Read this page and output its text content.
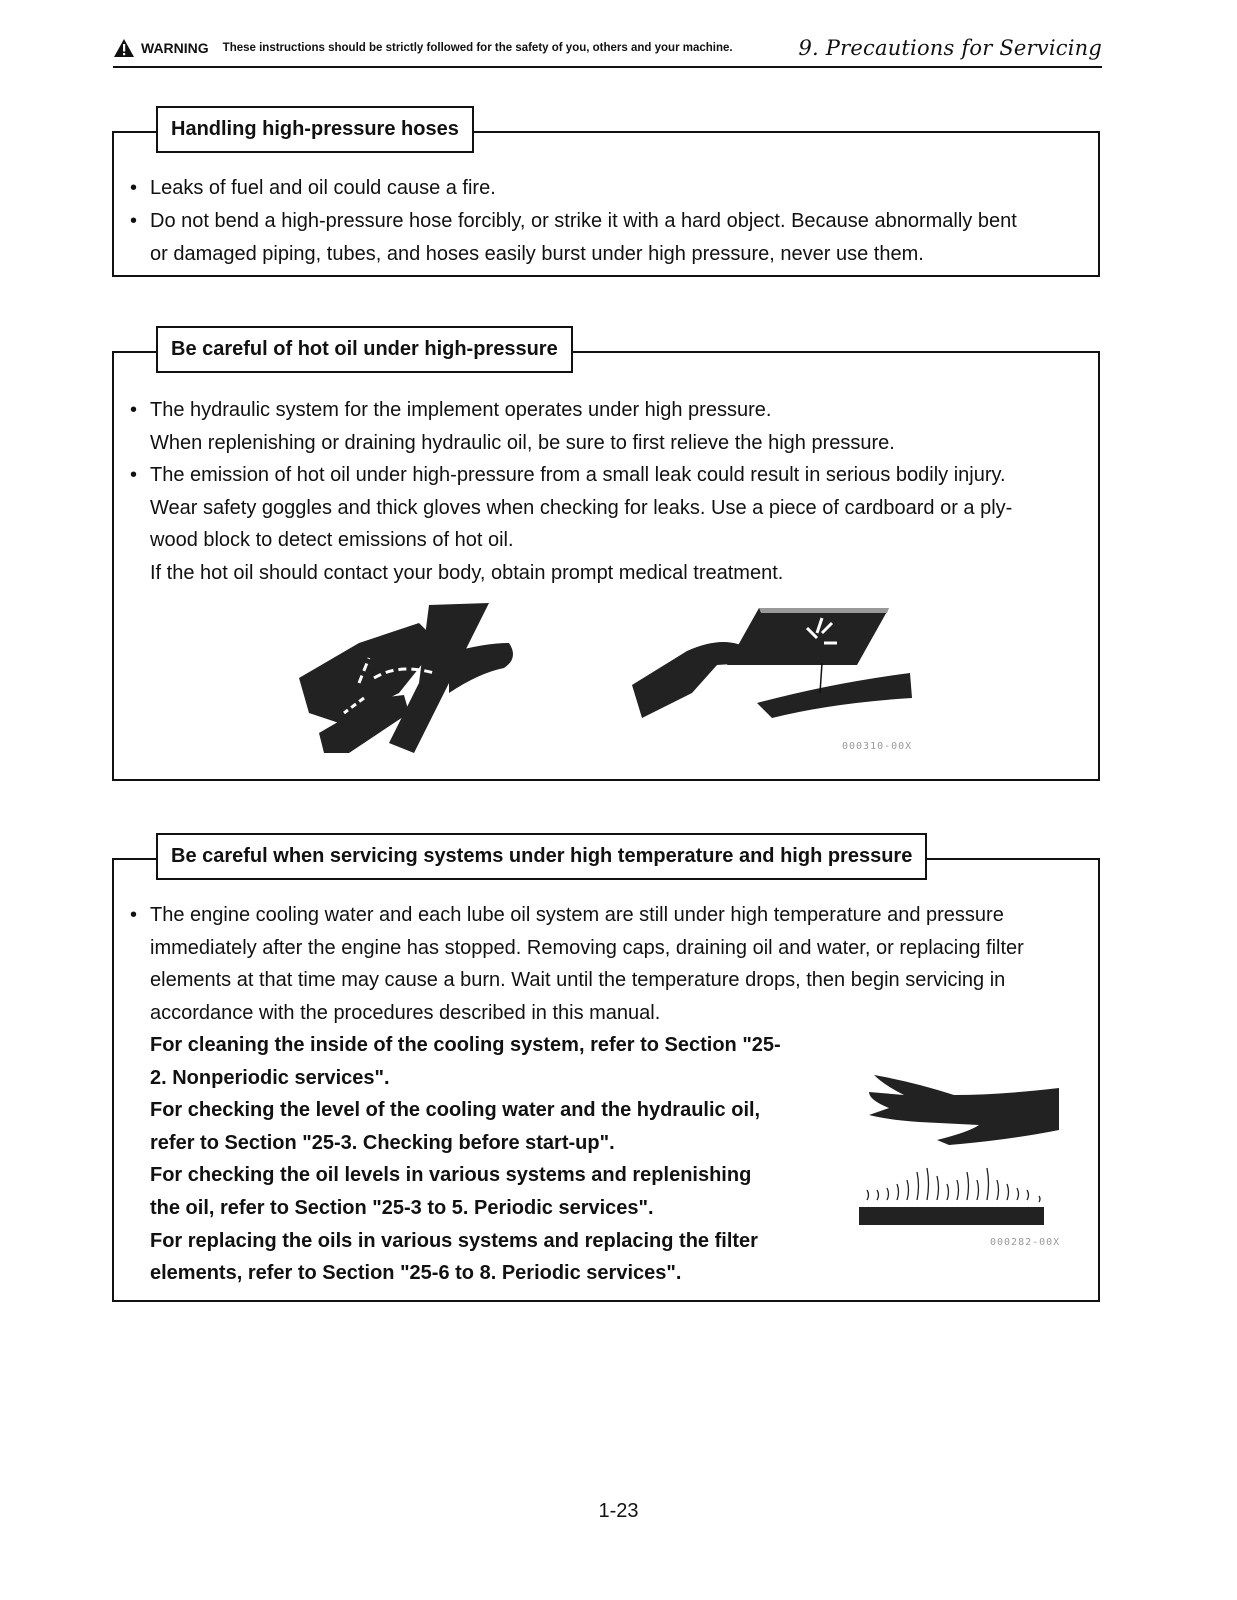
WARNING These instructions should be strictly followed for the safety of you, others and your machine.	9. Precautions for Servicing
Handling high-pressure hoses
• Leaks of fuel and oil could cause a fire.
• Do not bend a high-pressure hose forcibly, or strike it with a hard object. Because abnormally bent
or damaged piping, tubes, and hoses easily burst under high pressure, never use them.
Be careful of hot oil under high-pressure
• The hydraulic system for the implement operates under high pressure.
When replenishing or draining hydraulic oil, be sure to first relieve the high pressure.
• The emission of hot oil under high-pressure from a small leak could result in serious bodily injury.
Wear safety goggles and thick gloves when checking for leaks. Use a piece of cardboard or a ply-
wood block to detect emissions of hot oil.
If the hot oil should contact your body, obtain prompt medical treatment.
000310-00X
Be careful when servicing systems under high temperature and high pressure
• The engine cooling water and each lube oil system are still under high temperature and pressure
immediately after the engine has stopped. Removing caps, draining oil and water, or replacing filter
elements at that time may cause a burn. Wait until the temperature drops, then begin servicing in
accordance with the procedures described in this manual.
For cleaning the inside of the cooling system, refer to Section "25-
2. Nonperiodic services".
For checking the level of the cooling water and the hydraulic oil,
refer to Section "25-3. Checking before start-up".
For checking the oil levels in various systems and replenishing
the oil, refer to Section "25-3 to 5. Periodic services".
For replacing the oils in various systems and replacing the filter
elements, refer to Section "25-6 to 8. Periodic services".
000282-00X
1-23
